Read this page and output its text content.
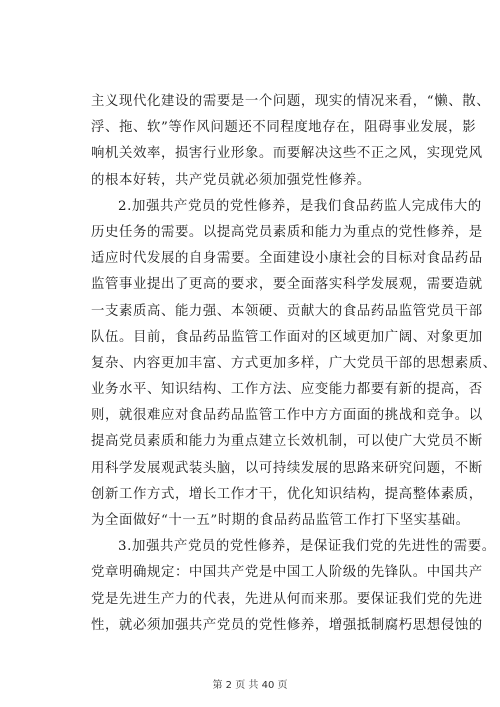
主义现代化建设的需要是一个问题，现实的情况来看，“懒、散、
浮、拖、软”等作风问题还不同程度地存在，阻碍事业发展，影
响机关效率，损害行业形象。而要解决这些不正之风，实现党风
的根本好转，共产党员就必须加强党性修养。
2.加强共产党员的党性修养，是我们食品药监人完成伟大的
历史任务的需要。以提高党员素质和能力为重点的党性修养，是
适应时代发展的自身需要。全面建设小康社会的目标对食品药品
监管事业提出了更高的要求，要全面落实科学发展观，需要造就
一支素质高、能力强、本领硬、贡献大的食品药品监管党员干部
队伍。目前，食品药品监管工作面对的区域更加广阔、对象更加
复杂、内容更加丰富、方式更加多样，广大党员干部的思想素质、
业务水平、知识结构、工作方法、应变能力都要有新的提高，否
则，就很难应对食品药品监管工作中方方面面的挑战和竞争。以
提高党员素质和能力为重点建立长效机制，可以使广大党员不断
用科学发展观武装头脑，以可持续发展的思路来研究问题，不断
创新工作方式，增长工作才干，优化知识结构，提高整体素质，
为全面做好“十一五”时期的食品药品监管工作打下坚实基础。
3.加强共产党员的党性修养，是保证我们党的先进性的需要。
党章明确规定：中国共产党是中国工人阶级的先锋队。中国共产
党是先进生产力的代表，先进从何而来那。要保证我们党的先进
性，就必须加强共产党员的党性修养，增强抵制腐朽思想侵蚀的
第 2 页 共 40 页
